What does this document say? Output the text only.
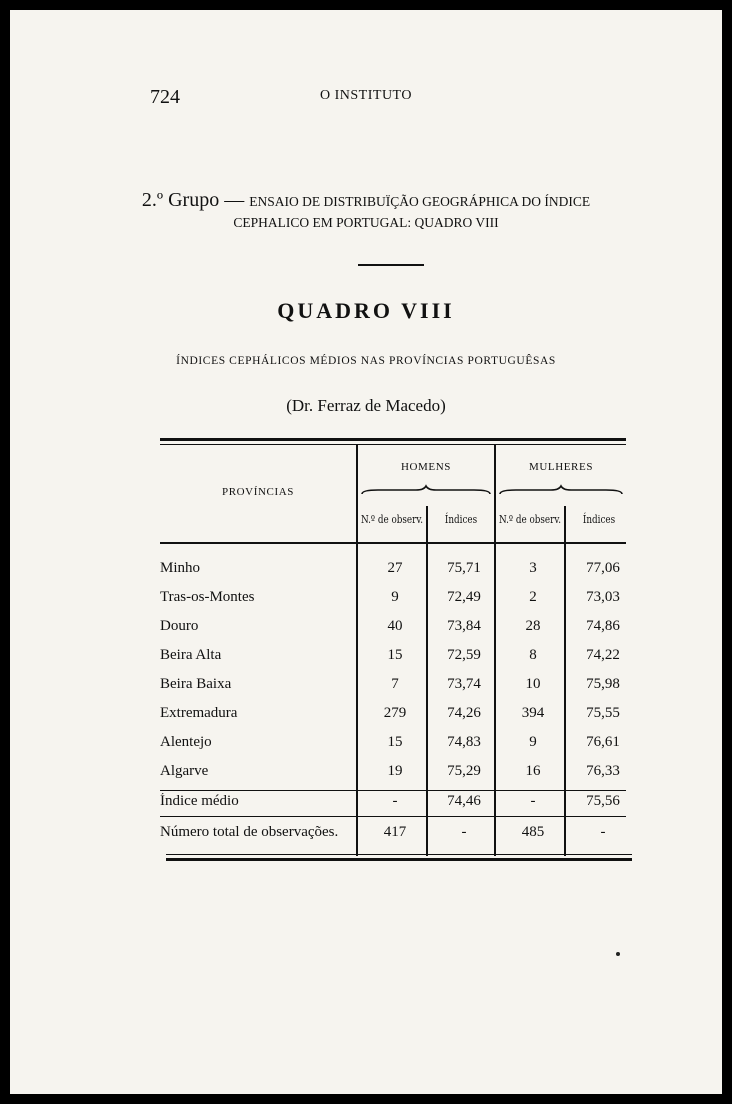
724	O INSTITUTO
2.º Grupo — ENSAIO DE DISTRIBUÏÇÃO GEOGRÁPHICA DO ÍNDICE
CEPHALICO EM PORTUGAL: QUADRO VIII
QUADRO VIII
ÍNDICES CEPHÁLICOS MÉDIOS NAS PROVÍNCIAS PORTUGUÊSAS
(Dr. Ferraz de Macedo)
PROVÍNCIAS
HOMENS	MULHERES
N.º de observ.	Índices	N.º de observ.	Índices
Minho .....	27	75,71	3	77,06
Tras-os-Montes .....	9	72,49	2	73,03
Douro .....	40	73,84	28	74,86
Beira Alta .....	15	72,59	8	74,22
Beira Baixa .....	7	73,74	10	75,98
Extremadura .....	279	74,26	394	75,55
Alentejo .....	15	74,83	9	76,61
Algarve .....	19	75,29	16	76,33
Índice médio .....	-	74,46	-	75,56
Número total de observações. .....	417	-	485	-
